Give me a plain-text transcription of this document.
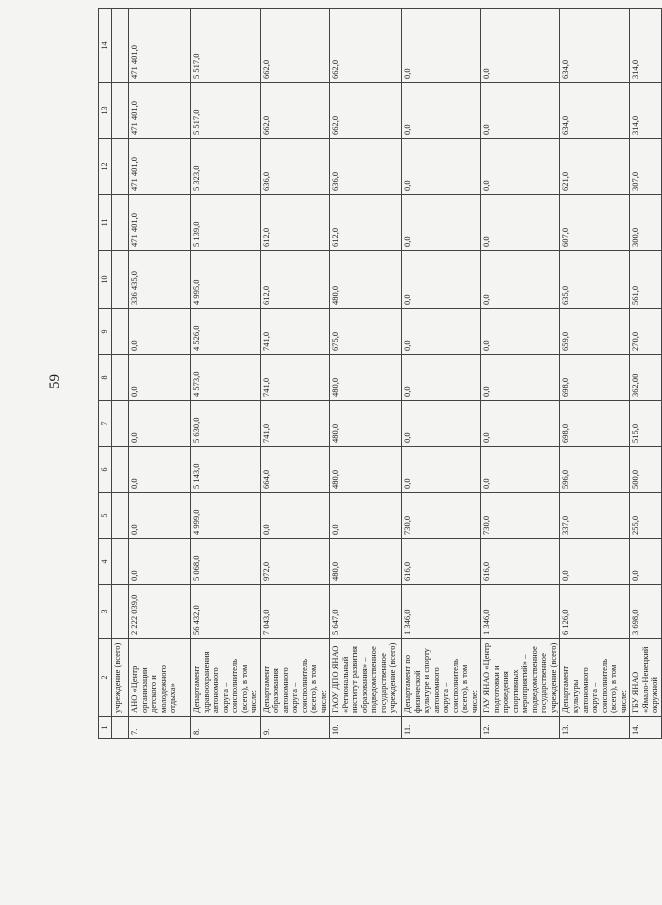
59
1	2	3	4	5	6	7	8	9	10	11	12	13	14
	учреждение (всего)												
7.	АНО «Центр организации детского и молодежного отдыха»	2 222 039,0	0,0	0,0	0,0	0,0	0,0	0,0	336 435,0	471 401,0	471 401,0	471 401,0	471 401,0
8.	Департамент здравоохранения автономного округа – соисполнитель (всего), в том числе:	56 432,0	5 068,0	4 999,0	5 143,0	5 630,0	4 573,0	4 526,0	4 995,0	5 139,0	5 323,0	5 517,0	5 517,0
9.	Департамент образования автономного округа – соисполнитель (всего), в том числе:	7 043,0	972,0	0,0	664,0	741,0	741,0	741,0	612,0	612,0	636,0	662,0	662,0
10.	ГАОУ ДПО ЯНАО «Региональный институт развития образования» – подведомственное государственное учреждение (всего)	5 647,0	480,0	0,0	480,0	480,0	480,0	675,0	480,0	612,0	636,0	662,0	662,0
11.	Департамент по физической культуре и спорту автономного округа – соисполнитель (всего), в том числе:	1 346,0	616,0	730,0	0,0	0,0	0,0	0,0	0,0	0,0	0,0	0,0	0,0
12.	ГАУ ЯНАО «Центр подготовки и проведения спортивных мероприятий» – подведомственное государственное учреждение (всего)	1 346,0	616,0	730,0	0,0	0,0	0,0	0,0	0,0	0,0	0,0	0,0	0,0
13.	Департамент культуры автономного округа – соисполнитель (всего), в том числе:	6 126,0	0,0	337,0	596,0	698,0	698,0	659,0	635,0	607,0	621,0	634,0	634,0
14.	ГБУ ЯНАО «Ямало-Ненецкий окружной	3 698,0	0,0	255,0	500,0	515,0	362,00	270,0	561,0	300,0	307,0	314,0	314,0
